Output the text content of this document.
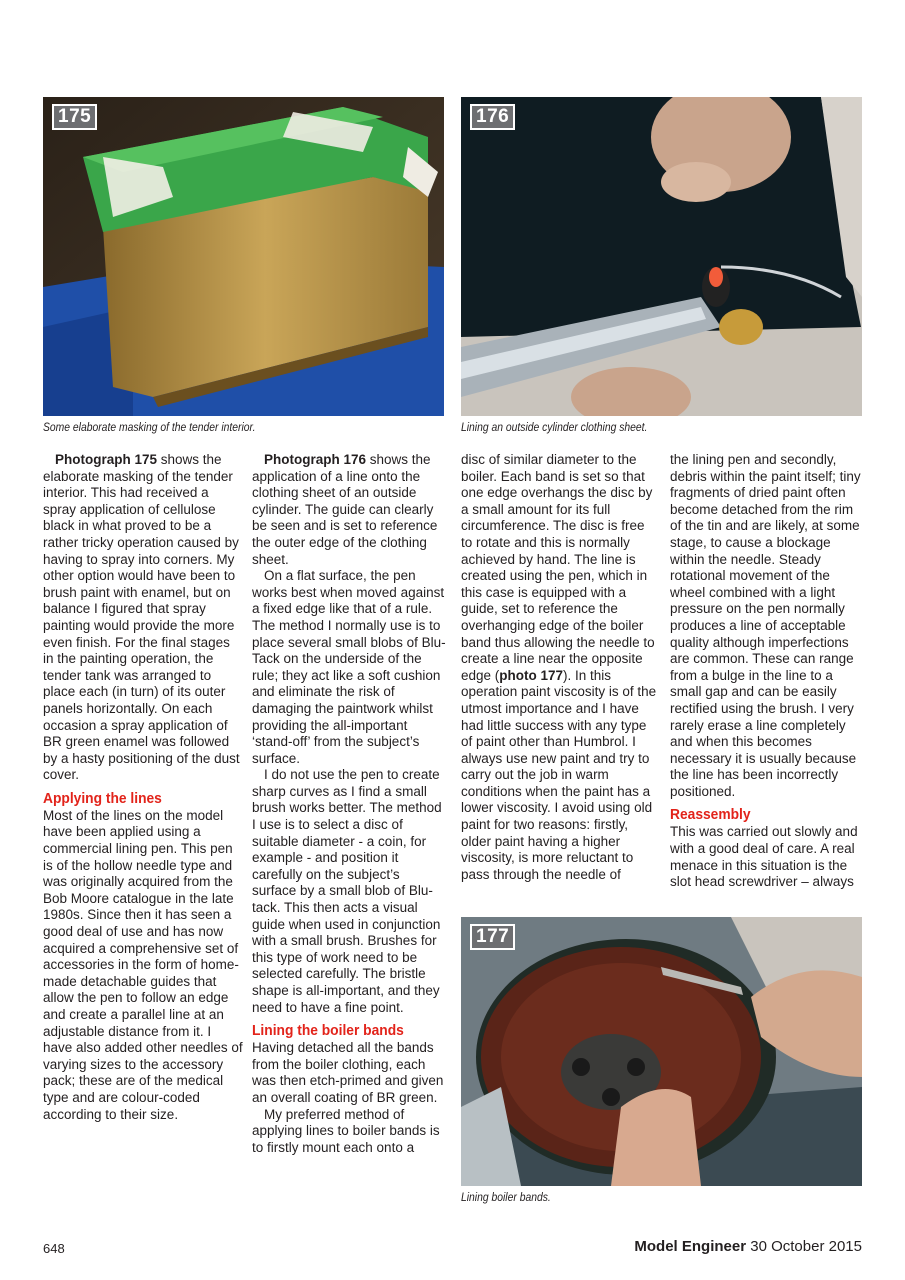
175
Some elaborate masking of the tender interior.
176
Lining an outside cylinder clothing sheet.

Photograph 175 shows the elaborate masking of the tender interior. This had received a spray application of cellulose black in what proved to be a rather tricky operation caused by having to spray into corners. My other option would have been to brush paint with enamel, but on balance I figured that spray painting would provide the more even finish. For the final stages in the painting operation, the tender tank was arranged to place each (in turn) of its outer panels horizontally. On each occasion a spray application of BR green enamel was followed by a hasty positioning of the dust cover.

Applying the lines

Most of the lines on the model have been applied using a commercial lining pen. This pen is of the hollow needle type and was originally acquired from the Bob Moore catalogue in the late 1980s. Since then it has seen a good deal of use and has now acquired a comprehensive set of accessories in the form of home-made detachable guides that allow the pen to follow an edge and create a parallel line at an adjustable distance from it. I have also added other needles of varying sizes to the accessory pack; these are of the medical type and are colour-coded according to their size.

Photograph 176 shows the application of a line onto the clothing sheet of an outside cylinder. The guide can clearly be seen and is set to reference the outer edge of the clothing sheet.

On a flat surface, the pen works best when moved against a fixed edge like that of a rule. The method I normally use is to place several small blobs of Blu-Tack on the underside of the rule; they act like a soft cushion and eliminate the risk of damaging the paintwork whilst providing the all-important ‘stand-off’ from the subject’s surface.

I do not use the pen to create sharp curves as I find a small brush works better. The method I use is to select a disc of suitable diameter - a coin, for example - and position it carefully on the subject’s surface by a small blob of Blu-tack. This then acts a visual guide when used in conjunction with a small brush. Brushes for this type of work need to be selected carefully. The bristle shape is all-important, and they need to have a fine point.

Lining the boiler bands

Having detached all the bands from the boiler clothing, each was then etch-primed and given an overall coating of BR green.

My preferred method of applying lines to boiler bands is to firstly mount each onto a

disc of similar diameter to the boiler. Each band is set so that one edge overhangs the disc by a small amount for its full circumference. The disc is free to rotate and this is normally achieved by hand. The line is created using the pen, which in this case is equipped with a guide, set to reference the overhanging edge of the boiler band thus allowing the needle to create a line near the opposite edge (photo 177). In this operation paint viscosity is of the utmost importance and I have had little success with any type of paint other than Humbrol. I always use new paint and try to carry out the job in warm conditions when the paint has a lower viscosity. I avoid using old paint for two reasons: firstly, older paint having a higher viscosity, is more reluctant to pass through the needle of

the lining pen and secondly, debris within the paint itself; tiny fragments of dried paint often become detached from the rim of the tin and are likely, at some stage, to cause a blockage within the needle. Steady rotational movement of the wheel combined with a light pressure on the pen normally produces a line of acceptable quality although imperfections are common. These can range from a bulge in the line to a small gap and can be easily rectified using the brush. I very rarely erase a line completely and when this becomes necessary it is usually because the line has been incorrectly positioned.

Reassembly

This was carried out slowly and with a good deal of care. A real menace in this situation is the slot head screwdriver – always

177
Lining boiler bands.
648	Model Engineer 30 October 2015
